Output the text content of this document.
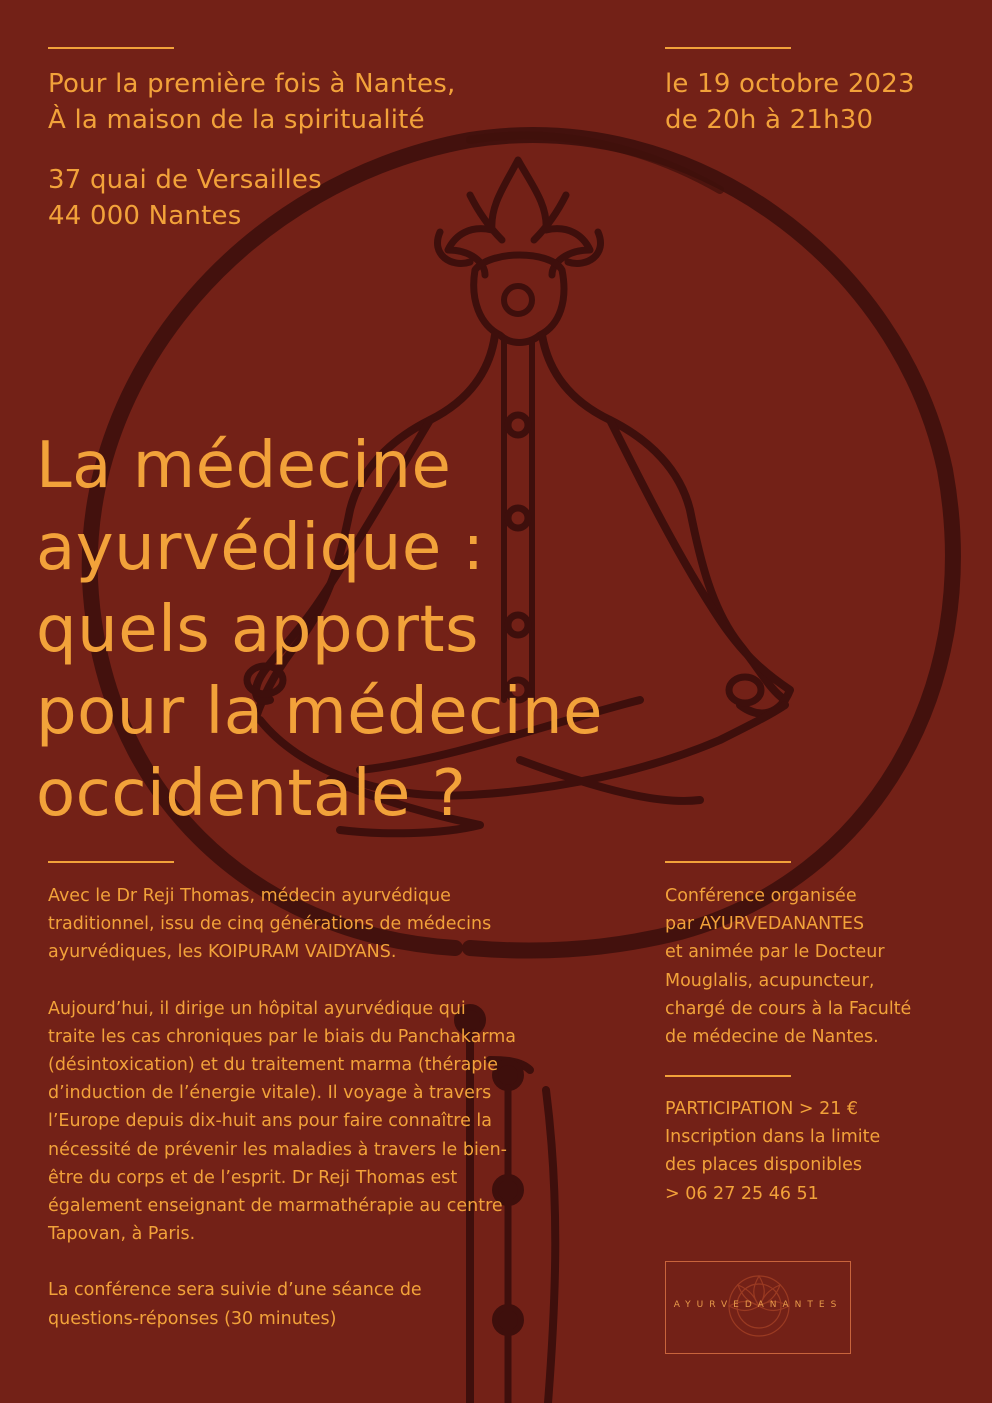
Pour la première fois à Nantes,

À la maison de la spiritualité

37 quai de Versailles

44 000 Nantes

le 19 octobre 2023

de 20h à 21h30

La médecine
ayurvédique :
quels apports
pour la médecine
occidentale ?

Avec le Dr Reji Thomas, médecin ayurvédique traditionnel, issu de cinq générations de médecins ayurvédiques, les KOIPURAM VAIDYANS.

Aujourd’hui, il dirige un hôpital ayurvédique qui traite les cas chroniques par le biais du Panchakarma (désintoxication) et du traitement marma (thérapie d’induction de l’énergie vitale). Il voyage à travers l’Europe depuis dix-huit ans pour faire connaître la nécessité de prévenir les maladies à travers le bien-être du corps et de l’esprit. Dr Reji Thomas est également enseignant de marmathérapie au centre Tapovan, à Paris.

La conférence sera suivie d’une séance de questions-réponses (30 minutes)

Conférence organisée
par AYURVEDANANTES
et animée par le Docteur
Mouglalis, acupuncteur,
chargé de cours à la Faculté
de médecine de Nantes.
PARTICIPATION > 21 €
Inscription dans la limite
des places disponibles
> 06 27 25 46 51
AYURVEDANANTES
